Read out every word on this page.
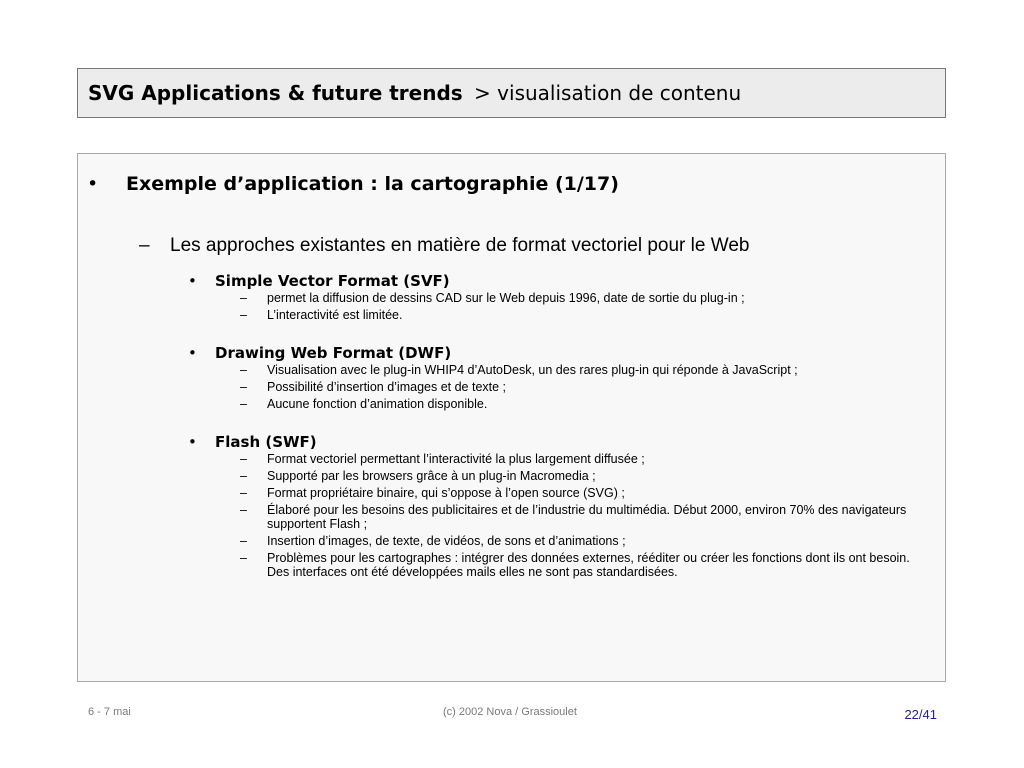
SVG Applications & future trends > visualisation de contenu
•	Exemple d’application : la cartographie (1/17)
–	Les approches existantes en matière de format vectoriel pour le Web
•	Simple Vector Format (SVF)
–	permet la diffusion de dessins CAD sur le Web depuis 1996, date de sortie du plug-in ;
–	L’interactivité est limitée.
•	Drawing Web Format (DWF)
–	Visualisation avec le plug-in WHIP4 d’AutoDesk, un des rares plug-in qui réponde à JavaScript ;
–	Possibilité d’insertion d’images et de texte ;
–	Aucune fonction d’animation disponible.
•	Flash (SWF)
–	Format vectoriel permettant l’interactivité la plus largement diffusée ;
–	Supporté par les browsers grâce à un plug-in Macromedia ;
–	Format propriétaire binaire, qui s’oppose à l’open source (SVG) ;
–	Élaboré pour les besoins des publicitaires et de l’industrie du multimédia. Début 2000, environ 70% des navigateurs supportent Flash ;
–	Insertion d’images, de texte, de vidéos, de sons et d’animations ;
–	Problèmes pour les cartographes : intégrer des données externes, rééditer ou créer les fonctions dont ils ont besoin. Des interfaces ont été développées mails elles ne sont pas standardisées.
6 - 7 mai	(c) 2002 Nova / Grassioulet	22/41
